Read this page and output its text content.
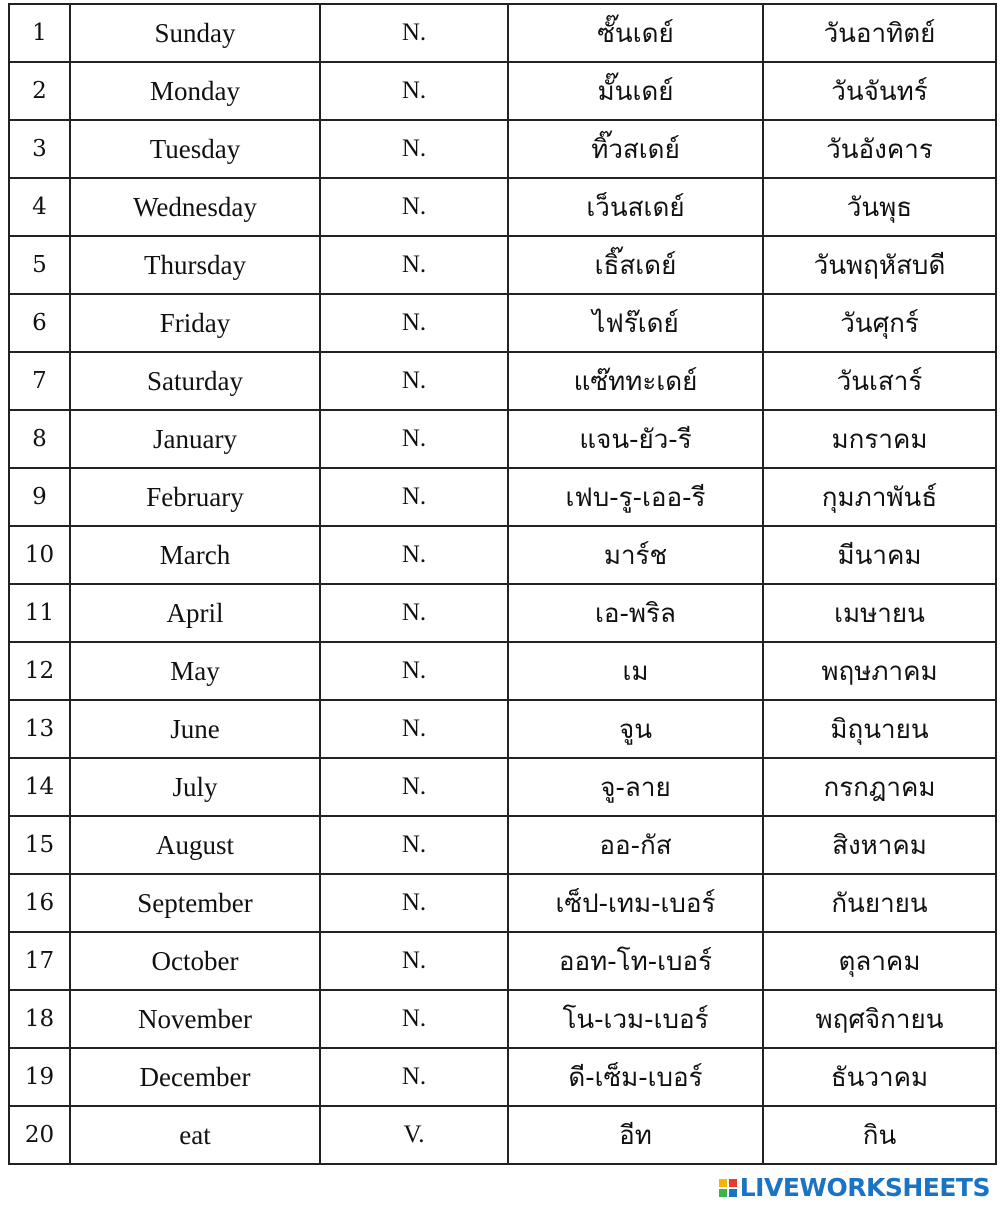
1	Sunday	N.	ซั๊นเดย์	วันอาทิตย์
2	Monday	N.	มั๊นเดย์	วันจันทร์
3	Tuesday	N.	ทิ๊วสเดย์	วันอังคาร
4	Wednesday	N.	เว็นสเดย์	วันพุธ
5	Thursday	N.	เธิ๊สเดย์	วันพฤหัสบดี
6	Friday	N.	ไฟร๊เดย์	วันศุกร์
7	Saturday	N.	แซ๊ททะเดย์	วันเสาร์
8	January	N.	แจน-ยัว-รี	มกราคม
9	February	N.	เฟบ-รู-เออ-รี	กุมภาพันธ์
10	March	N.	มาร์ช	มีนาคม
11	April	N.	เอ-พริล	เมษายน
12	May	N.	เม	พฤษภาคม
13	June	N.	จูน	มิถุนายน
14	July	N.	จู-ลาย	กรกฎาคม
15	August	N.	ออ-กัส	สิงหาคม
16	September	N.	เซ็ป-เทม-เบอร์	กันยายน
17	October	N.	ออท-โท-เบอร์	ตุลาคม
18	November	N.	โน-เวม-เบอร์	พฤศจิกายน
19	December	N.	ดี-เซ็ม-เบอร์	ธันวาคม
20	eat	V.	อีท	กิน
LIVEWORKSHEETS
